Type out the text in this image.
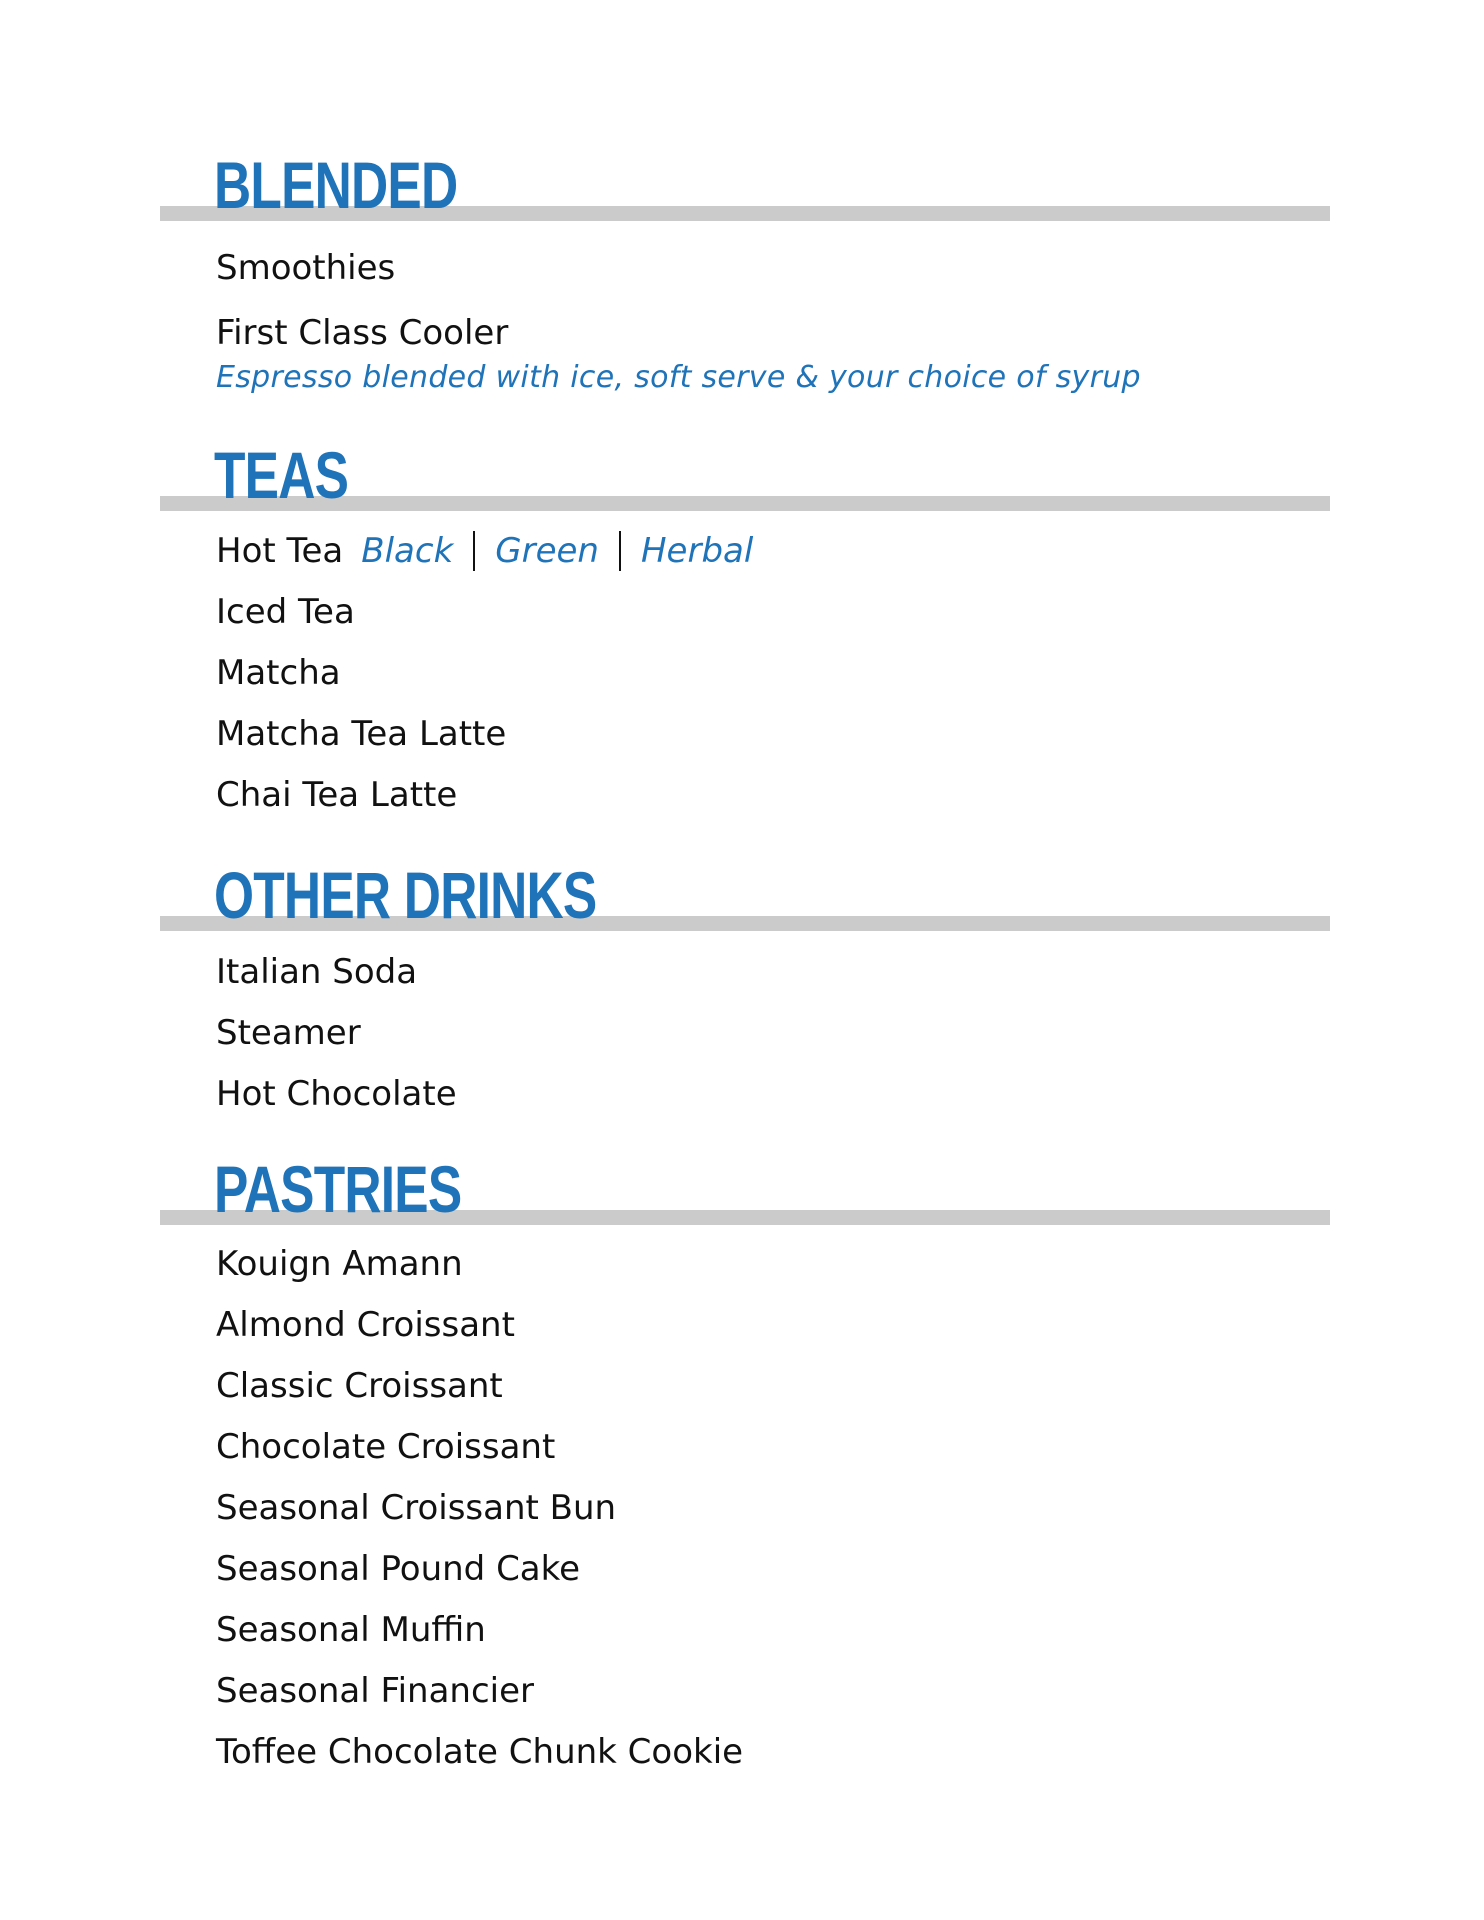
BLENDED

Smoothies

First Class Cooler

Espresso blended with ice, soft serve & your choice of syrup

TEAS

Hot Tea Black Green Herbal

Iced Tea

Matcha

Matcha Tea Latte

Chai Tea Latte

OTHER DRINKS

Italian Soda

Steamer

Hot Chocolate

PASTRIES

Kouign Amann

Almond Croissant

Classic Croissant

Chocolate Croissant

Seasonal Croissant Bun

Seasonal Pound Cake

Seasonal Muffin

Seasonal Financier

Toffee Chocolate Chunk Cookie
